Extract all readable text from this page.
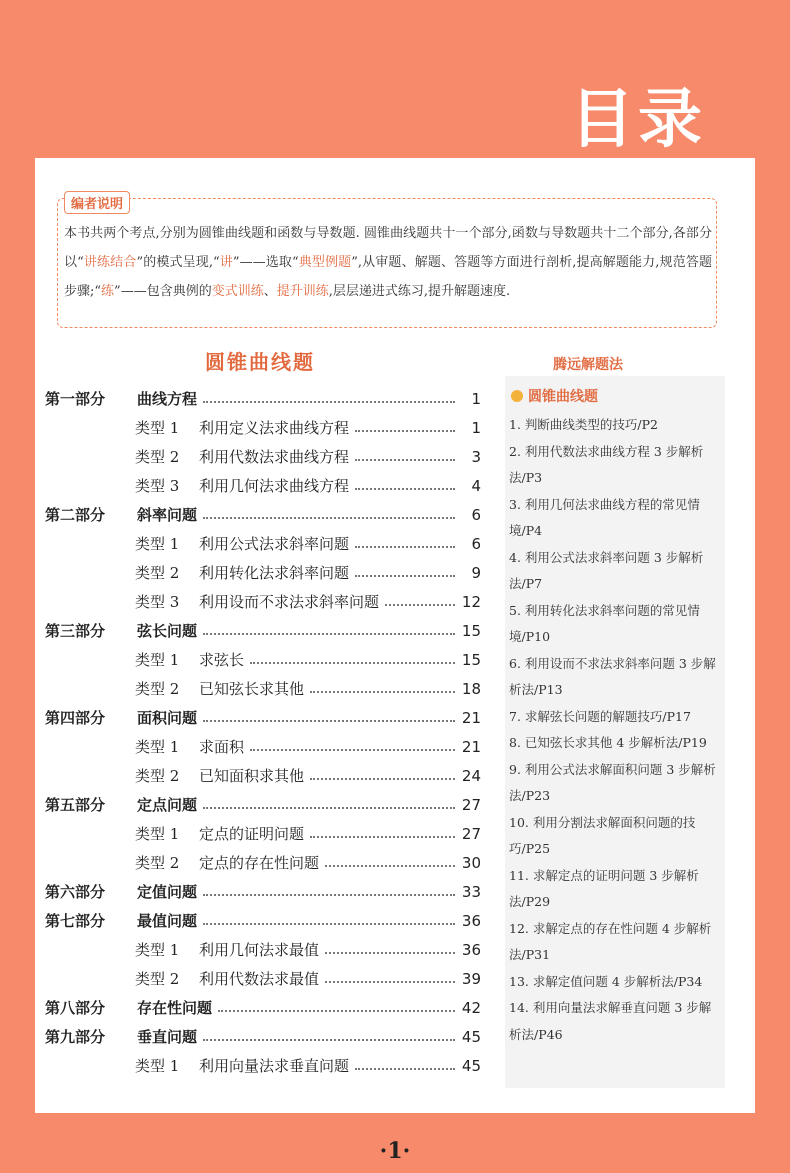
目录
编者说明
本书共两个考点,分别为圆锥曲线题和函数与导数题. 圆锥曲线题共十一个部分,函数与导数题共十二个部分,各部分以“讲练结合”的模式呈现,“讲”——选取“典型例题”,从审题、解题、答题等方面进行剖析,提高解题能力,规范答题步骤;“练”——包含典例的变式训练、提升训练,层层递进式练习,提升解题速度.
圆锥曲线题
第一部分	曲线方程	1
类型 1	利用定义法求曲线方程	1
类型 2	利用代数法求曲线方程	3
类型 3	利用几何法求曲线方程	4
第二部分	斜率问题	6
类型 1	利用公式法求斜率问题	6
类型 2	利用转化法求斜率问题	9
类型 3	利用设而不求法求斜率问题	12
第三部分	弦长问题	15
类型 1	求弦长	15
类型 2	已知弦长求其他	18
第四部分	面积问题	21
类型 1	求面积	21
类型 2	已知面积求其他	24
第五部分	定点问题	27
类型 1	定点的证明问题	27
类型 2	定点的存在性问题	30
第六部分	定值问题	33
第七部分	最值问题	36
类型 1	利用几何法求最值	36
类型 2	利用代数法求最值	39
第八部分	存在性问题	42
第九部分	垂直问题	45
类型 1	利用向量法求垂直问题	45
腾远解题法
圆锥曲线题
1. 判断曲线类型的技巧/P2
2. 利用代数法求曲线方程 3 步解析法/P3
3. 利用几何法求曲线方程的常见情境/P4
4. 利用公式法求斜率问题 3 步解析法/P7
5. 利用转化法求斜率问题的常见情境/P10
6. 利用设而不求法求斜率问题 3 步解析法/P13
7. 求解弦长问题的解题技巧/P17
8. 已知弦长求其他 4 步解析法/P19
9. 利用公式法求解面积问题 3 步解析法/P23
10. 利用分割法求解面积问题的技巧/P25
11. 求解定点的证明问题 3 步解析法/P29
12. 求解定点的存在性问题 4 步解析法/P31
13. 求解定值问题 4 步解析法/P34
14. 利用向量法求解垂直问题 3 步解析法/P46
·1·
